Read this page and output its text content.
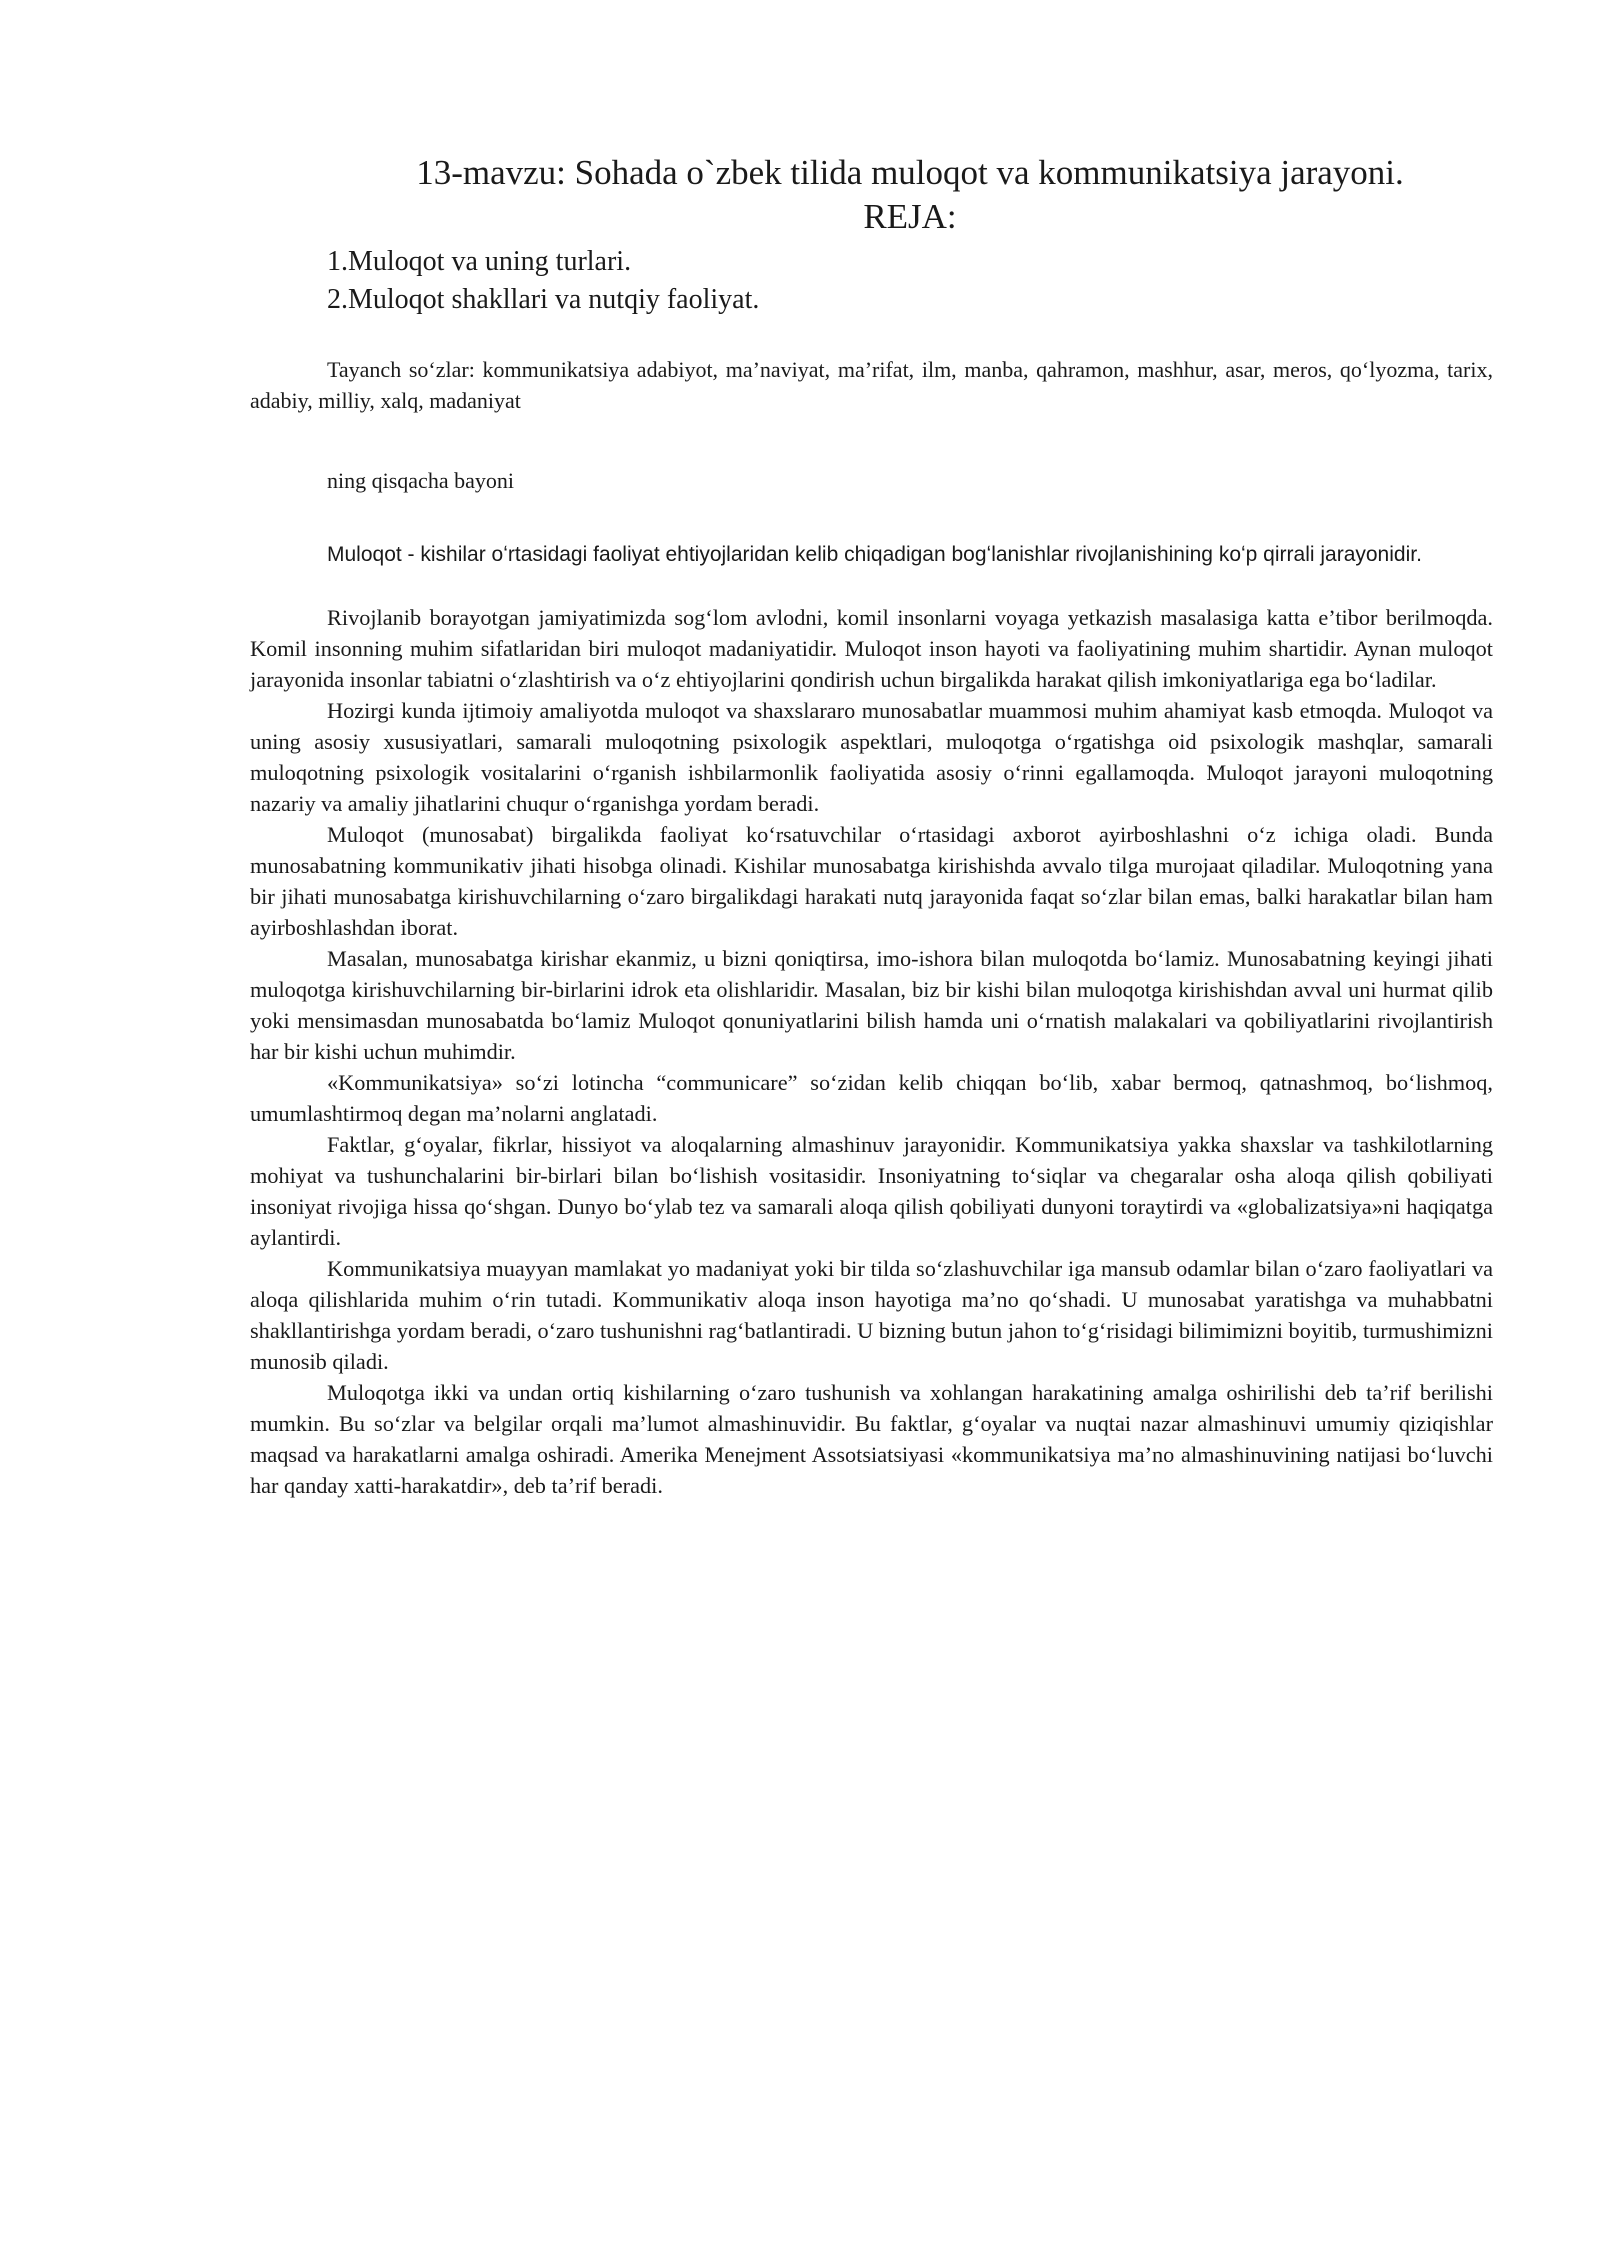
13-mavzu: Sohada o`zbek tilida muloqot va kommunikatsiya jarayoni.
REJA:
1.Muloqot va uning turlari.
2.Muloqot shakllari va nutqiy faoliyat.

Tayanch so‘zlar: kommunikatsiya adabiyot, ma’naviyat, ma’rifat, ilm, manba, qahramon, mashhur, asar, meros, qo‘lyozma, tarix, adabiy, milliy, xalq, madaniyat

ning qisqacha bayoni

Muloqot - kishilar oʻrtasidagi faoliyat ehtiyojlaridan kelib chiqadigan bogʻlanishlar rivojlanishining koʻp qirrali jarayonidir.

Rivojlanib borayotgan jamiyatimizda sog‘lom avlodni, komil insonlarni voyaga yetkazish masalasiga katta e’tibor berilmoqda. Komil insonning muhim sifatlaridan biri muloqot madaniyatidir. Muloqot inson hayoti va faoliyatining muhim shartidir. Aynan muloqot jarayonida insonlar tabiatni o‘zlashtirish va o‘z ehtiyojlarini qondirish uchun birgalikda harakat qilish imkoniyatlariga ega bo‘ladilar.

Hozirgi kunda ijtimoiy amaliyotda muloqot va shaxslararo munosabatlar muammosi muhim ahamiyat kasb etmoqda. Muloqot va uning asosiy xususiyatlari, samarali muloqotning psixologik aspektlari, muloqotga o‘rgatishga oid psixologik mashqlar, samarali muloqotning psixologik vositalarini o‘rganish ishbilarmonlik faoliyatida asosiy o‘rinni egallamoqda. Muloqot jarayoni muloqotning nazariy va amaliy jihatlarini chuqur o‘rganishga yordam beradi.

Muloqot (munosabat) birgalikda faoliyat ko‘rsatuvchilar o‘rtasidagi axborot ayirboshlashni o‘z ichiga oladi. Bunda munosabatning kommunikativ jihati hisobga olinadi. Kishilar munosabatga kirishishda avvalo tilga murojaat qiladilar. Muloqotning yana bir jihati munosabatga kirishuvchilarning o‘zaro birgalikdagi harakati nutq jarayonida faqat so‘zlar bilan emas, balki harakatlar bilan ham ayirboshlashdan iborat.

Masalan, munosabatga kirishar ekanmiz, u bizni qoniqtirsa, imo-ishora bilan muloqotda bo‘lamiz. Munosabatning keyingi jihati muloqotga kirishuvchilarning bir-birlarini idrok eta olishlaridir. Masalan, biz bir kishi bilan muloqotga kirishishdan avval uni hurmat qilib yoki mensimasdan munosabatda bo‘lamiz Muloqot qonuniyatlarini bilish hamda uni o‘rnatish malakalari va qobiliyatlarini rivojlantirish har bir kishi uchun muhimdir.

«Kommunikatsiya» so‘zi lotincha “communicare” so‘zidan kelib chiqqan bo‘lib, xabar bermoq, qatnashmoq, bo‘lishmoq, umumlashtirmoq degan ma’nolarni anglatadi.

Faktlar, g‘oyalar, fikrlar, hissiyot va aloqalarning almashinuv jarayonidir. Kommunikatsiya yakka shaxslar va tashkilotlarning mohiyat va tushunchalarini bir-birlari bilan bo‘lishish vositasidir. Insoniyatning to‘siqlar va chegaralar osha aloqa qilish qobiliyati insoniyat rivojiga hissa qo‘shgan. Dunyo bo‘ylab tez va samarali aloqa qilish qobiliyati dunyoni toraytirdi va «globalizatsiya»ni haqiqatga aylantirdi.

Kommunikatsiya muayyan mamlakat yo madaniyat yoki bir tilda so‘zlashuvchilar iga mansub odamlar bilan o‘zaro faoliyatlari va aloqa qilishlarida muhim o‘rin tutadi. Kommunikativ aloqa inson hayotiga ma’no qo‘shadi. U munosabat yaratishga va muhabbatni shakllantirishga yordam beradi, o‘zaro tushunishni rag‘batlantiradi. U bizning butun jahon to‘g‘risidagi bilimimizni boyitib, turmushimizni munosib qiladi.

Muloqotga ikki va undan ortiq kishilarning o‘zaro tushunish va xohlangan harakatining amalga oshirilishi deb ta’rif berilishi mumkin. Bu so‘zlar va belgilar orqali ma’lumot almashinuvidir. Bu faktlar, g‘oyalar va nuqtai nazar almashinuvi umumiy qiziqishlar maqsad va harakatlarni amalga oshiradi. Amerika Menejment Assotsiatsiyasi «kommunikatsiya ma’no almashinuvining natijasi bo‘luvchi har qanday xatti-harakatdir», deb ta’rif beradi.
